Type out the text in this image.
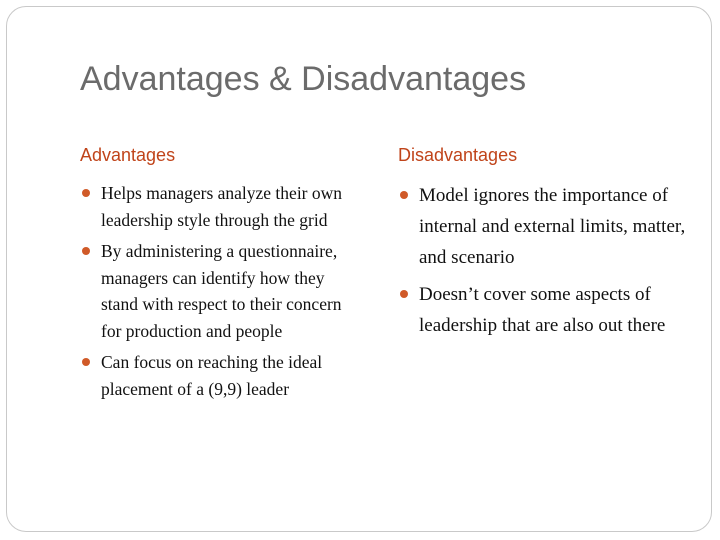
Advantages & Disadvantages
Advantages
Helps managers analyze their own leadership style through the grid
By administering a questionnaire, managers can identify how they stand with respect to their concern for production and people
Can focus on reaching the ideal placement of a (9,9) leader
Disadvantages
Model ignores the importance of internal and external limits, matter, and scenario
Doesn’t cover some aspects of leadership that are also out there
